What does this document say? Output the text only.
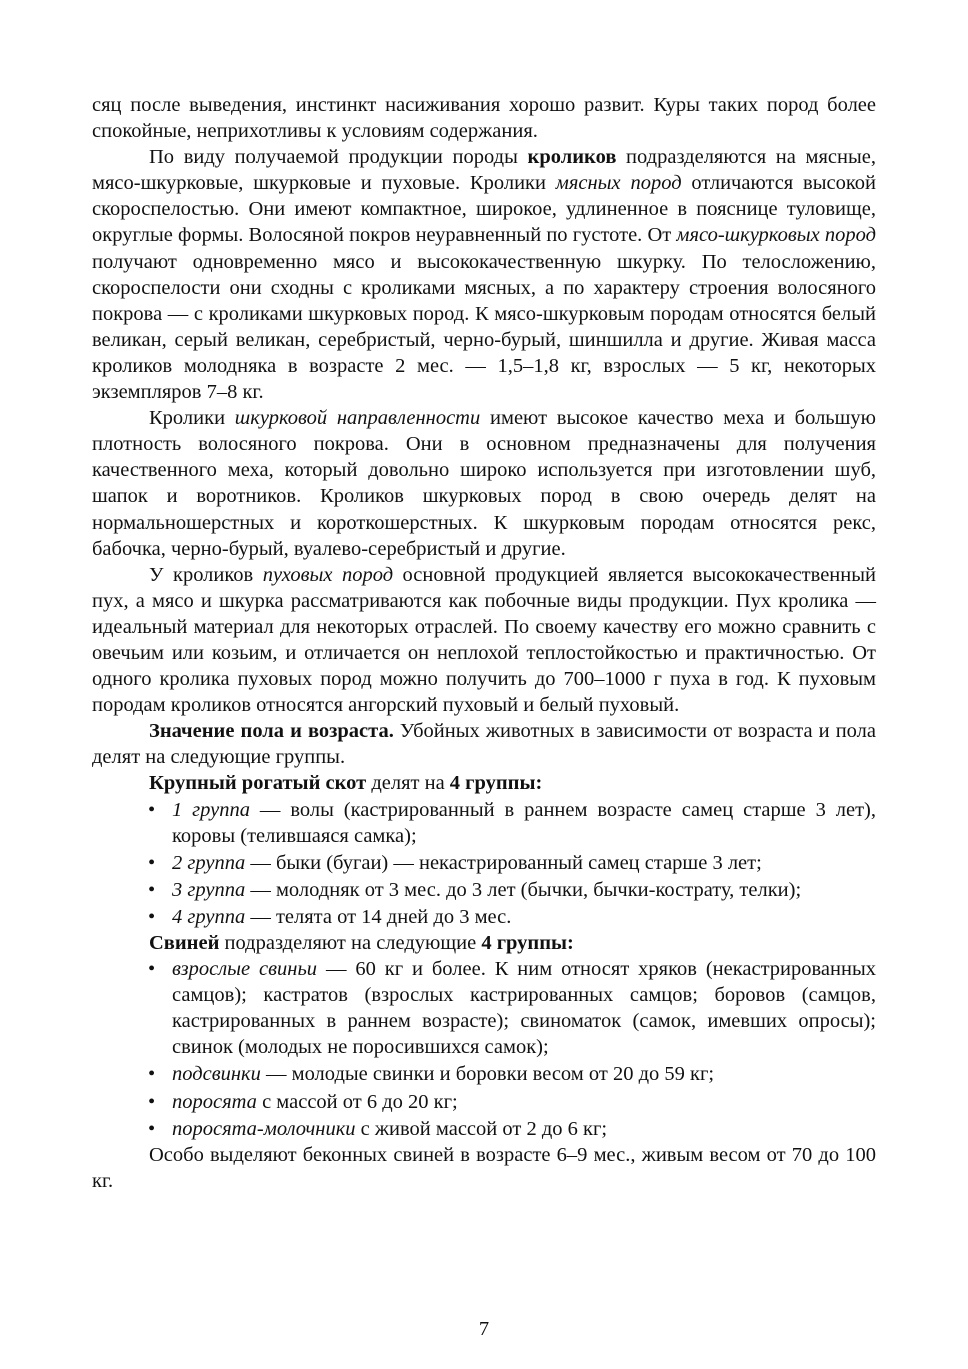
сяц после выведения, инстинкт насиживания хорошо развит. Куры таких пород более спокойные, неприхотливы к условиям содержания.

По виду получаемой продукции породы кроликов подразделяются на мясные, мясо-шкурковые, шкурковые и пуховые. Кролики мясных пород отличаются высокой скороспелостью. Они имеют компактное, широкое, удлиненное в пояснице туловище, округлые формы. Волосяной покров неуравненный по густоте. От мясо-шкурковых пород получают одновременно мясо и высококачественную шкурку. По телосложению, скороспелости они сходны с кроликами мясных, а по характеру строения волосяного покрова — с кроликами шкурковых пород. К мясо-шкурковым породам относятся белый великан, серый великан, серебристый, черно-бурый, шиншилла и другие. Живая масса кроликов молодняка в возрасте 2 мес. — 1,5–1,8 кг, взрослых — 5 кг, некоторых экземпляров 7–8 кг.

Кролики шкурковой направленности имеют высокое качество меха и большую плотность волосяного покрова. Они в основном предназначены для получения качественного меха, который довольно широко используется при изготовлении шуб, шапок и воротников. Кроликов шкурковых пород в свою очередь делят на нормальношерстных и короткошерстных. К шкурковым породам относятся рекс, бабочка, черно-бурый, вуалево-серебристый и другие.

У кроликов пуховых пород основной продукцией является высококачественный пух, а мясо и шкурка рассматриваются как побочные виды продукции. Пух кролика — идеальный материал для некоторых отраслей. По своему качеству его можно сравнить с овечьим или козьим, и отличается он неплохой теплостойкостью и практичностью. От одного кролика пуховых пород можно получить до 700–1000 г пуха в год. К пуховым породам кроликов относятся ангорский пуховый и белый пуховый.

Значение пола и возраста. Убойных животных в зависимости от возраста и пола делят на следующие группы.

Крупный рогатый скот делят на 4 группы:

• 1 группа — волы (кастрированный в раннем возрасте самец старше 3 лет), коровы (телившаяся самка);
• 2 группа — быки (бугаи) — некастрированный самец старше 3 лет;
• 3 группа — молодняк от 3 мес. до 3 лет (бычки, бычки-кострату, телки);
• 4 группа — телята от 14 дней до 3 мес.

Свиней подразделяют на следующие 4 группы:

• взрослые свиньи — 60 кг и более. К ним относят хряков (некастрированных самцов); кастратов (взрослых кастрированных самцов; боровов (самцов, кастрированных в раннем возрасте); свиноматок (самок, имевших опросы); свинок (молодых не поросившихся самок);
• подсвинки — молодые свинки и боровки весом от 20 до 59 кг;
• поросята с массой от 6 до 20 кг;
• поросята-молочники с живой массой от 2 до 6 кг;

Особо выделяют беконных свиней в возрасте 6–9 мес., живым весом от 70 до 100 кг.

7
